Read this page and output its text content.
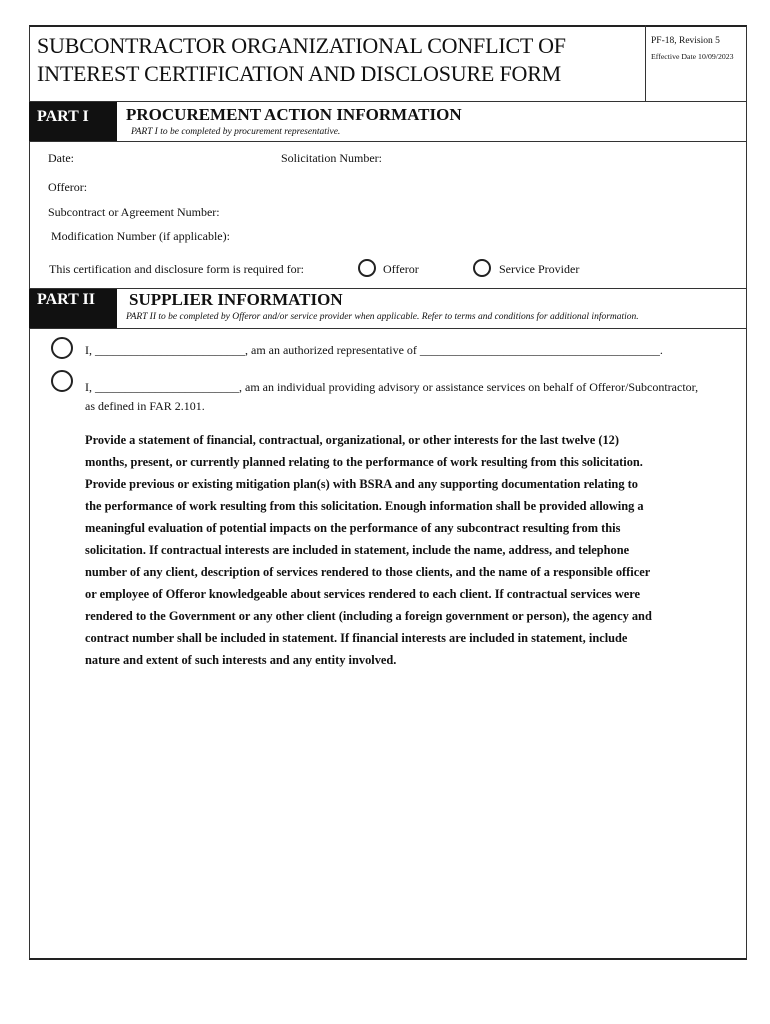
SUBCONTRACTOR ORGANIZATIONAL CONFLICT OF
INTEREST CERTIFICATION AND DISCLOSURE FORM
PF-18, Revision 5
Effective Date 10/09/2023
PART I	PROCUREMENT ACTION INFORMATION
PART I to be completed by procurement representative.
Date:	Solicitation Number:
Offeror:
Subcontract or Agreement Number:
Modification Number (if applicable):
This certification and disclosure form is required for:	Offeror	Service Provider
PART II	SUPPLIER INFORMATION
PART II to be completed by Offeror and/or service provider when applicable. Refer to terms and conditions for additional information.
I, _________________________, am an authorized representative of ________________________________________.
I, ________________________, am an individual providing advisory or assistance services on behalf of Offeror/Subcontractor,
as defined in FAR 2.101.
Provide a statement of financial, contractual, organizational, or other interests for the last twelve (12)
months, present, or currently planned relating to the performance of work resulting from this solicitation.
Provide previous or existing mitigation plan(s) with BSRA and any supporting documentation relating to
the performance of work resulting from this solicitation. Enough information shall be provided allowing a
meaningful evaluation of potential impacts on the performance of any subcontract resulting from this
solicitation. If contractual interests are included in statement, include the name, address, and telephone
number of any client, description of services rendered to those clients, and the name of a responsible officer
or employee of Offeror knowledgeable about services rendered to each client. If contractual services were
rendered to the Government or any other client (including a foreign government or person), the agency and
contract number shall be included in statement. If financial interests are included in statement, include
nature and extent of such interests and any entity involved.
